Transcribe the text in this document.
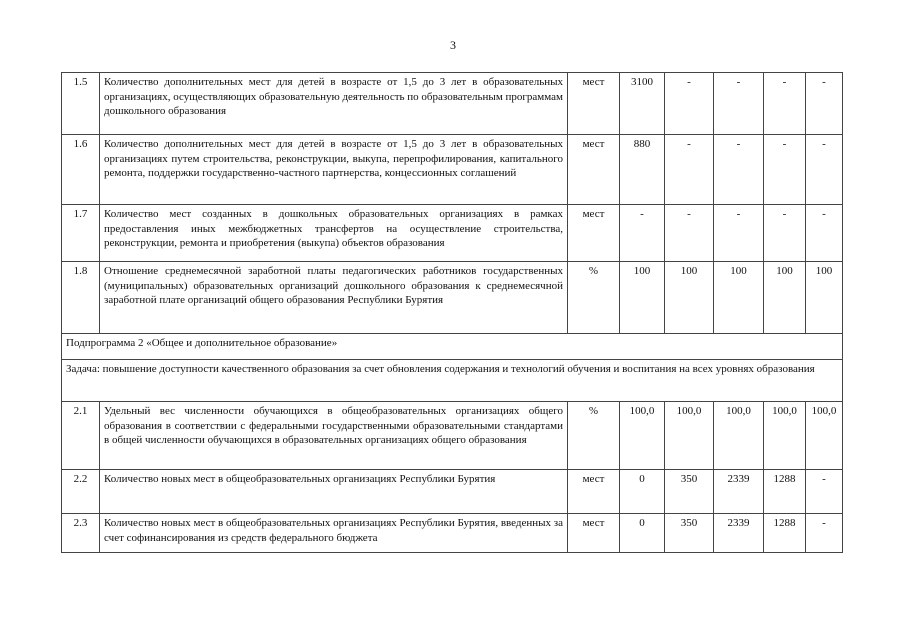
3
1.5	Количество дополнительных мест для детей в возрасте от 1,5 до 3 лет в образовательных организациях, осуществляющих образовательную деятельность по образовательным программам дошкольного образования	мест	3100	-	-	-	-
1.6	Количество дополнительных мест для детей в возрасте от 1,5 до 3 лет в образовательных организациях путем строительства, реконструкции, выкупа, перепрофилирования, капитального ремонта, поддержки государственно-частного партнерства, концессионных соглашений	мест	880	-	-	-	-
1.7	Количество мест созданных в дошкольных образовательных организациях в рамках предоставления иных межбюджетных трансфертов на осуществление строительства, реконструкции, ремонта и приобретения (выкупа) объектов образования	мест	-	-	-	-	-
1.8	Отношение среднемесячной заработной платы педагогических работников государственных (муниципальных) образовательных организаций дошкольного образования к среднемесячной заработной плате организаций общего образования Республики Бурятия	%	100	100	100	100	100
Подпрограмма 2 «Общее и дополнительное образование»							
Задача: повышение доступности качественного образования за счет обновления содержания и технологий обучения и воспитания на всех уровнях образования							
2.1	Удельный вес численности обучающихся в общеобразовательных организациях общего образования в соответствии с федеральными государственными образовательными стандартами в общей численности обучающихся в образовательных организациях общего образования	%	100,0	100,0	100,0	100,0	100,0
2.2	Количество новых мест в общеобразовательных организациях Республики Бурятия	мест	0	350	2339	1288	-
2.3	Количество новых мест в общеобразовательных организациях Республики Бурятия, введенных за счет софинансирования из средств федерального бюджета	мест	0	350	2339	1288	-
